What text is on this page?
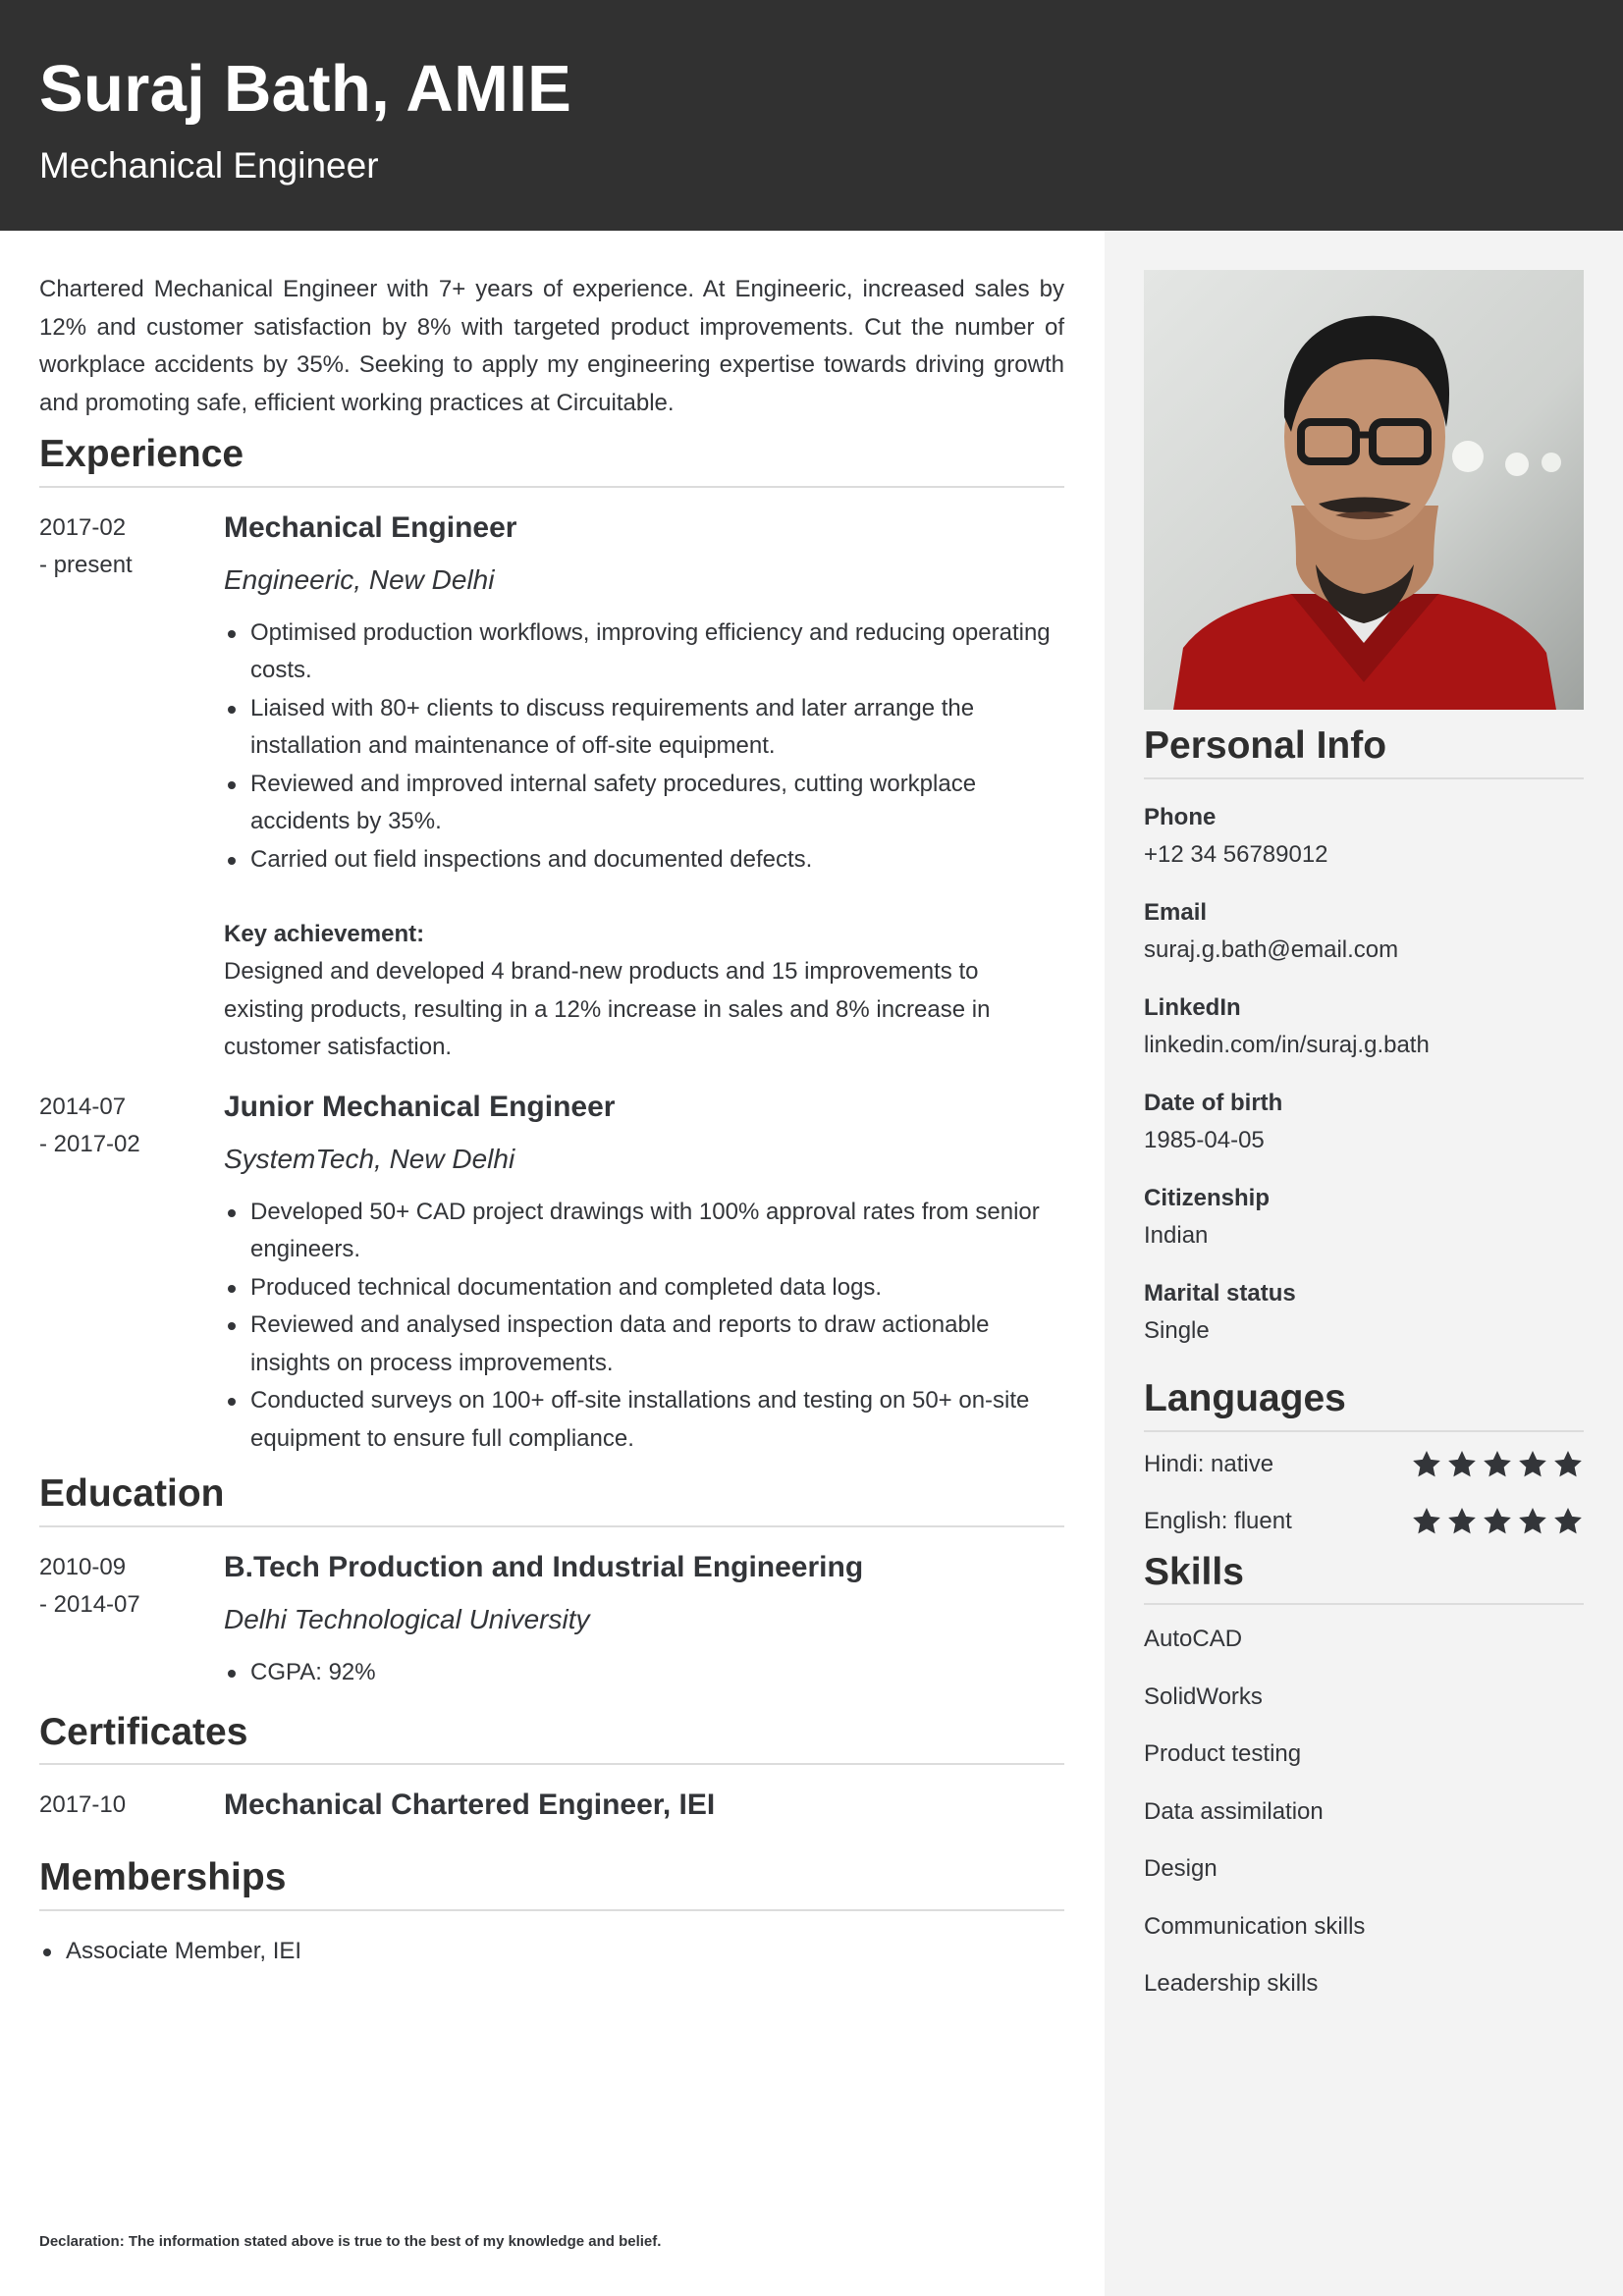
Suraj Bath, AMIE
Mechanical Engineer

Chartered Mechanical Engineer with 7+ years of experience. At Engineeric, increased sales by 12% and customer satisfaction by 8% with targeted product improvements. Cut the number of workplace accidents by 35%. Seeking to apply my engineering expertise towards driving growth and promoting safe, efficient working practices at Circuitable.

Experience
2017-02
- present
Mechanical Engineer
Engineeric, New Delhi
Optimised production workflows, improving efficiency and reducing operating costs.
Liaised with 80+ clients to discuss requirements and later arrange the installation and maintenance of off-site equipment.
Reviewed and improved internal safety procedures, cutting workplace accidents by 35%.
Carried out field inspections and documented defects.
Key achievement:
Designed and developed 4 brand-new products and 15 improvements to existing products, resulting in a 12% increase in sales and 8% increase in customer satisfaction.
2014-07
- 2017-02
Junior Mechanical Engineer
SystemTech, New Delhi
Developed 50+ CAD project drawings with 100% approval rates from senior engineers.
Produced technical documentation and completed data logs.
Reviewed and analysed inspection data and reports to draw actionable insights on process improvements.
Conducted surveys on 100+ off-site installations and testing on 50+ on-site equipment to ensure full compliance.
Education
2010-09
- 2014-07
B.Tech Production and Industrial Engineering
Delhi Technological University
CGPA: 92%
Certificates
2017-10	Mechanical Chartered Engineer, IEI
Memberships
Associate Member, IEI
Personal Info
Phone
+12 34 56789012
Email
suraj.g.bath@email.com
LinkedIn
linkedin.com/in/suraj.g.bath
Date of birth
1985-04-05
Citizenship
Indian
Marital status
Single
Languages
Hindi: native
English: fluent
Skills
AutoCAD
SolidWorks
Product testing
Data assimilation
Design
Communication skills
Leadership skills
Declaration: The information stated above is true to the best of my knowledge and belief.
